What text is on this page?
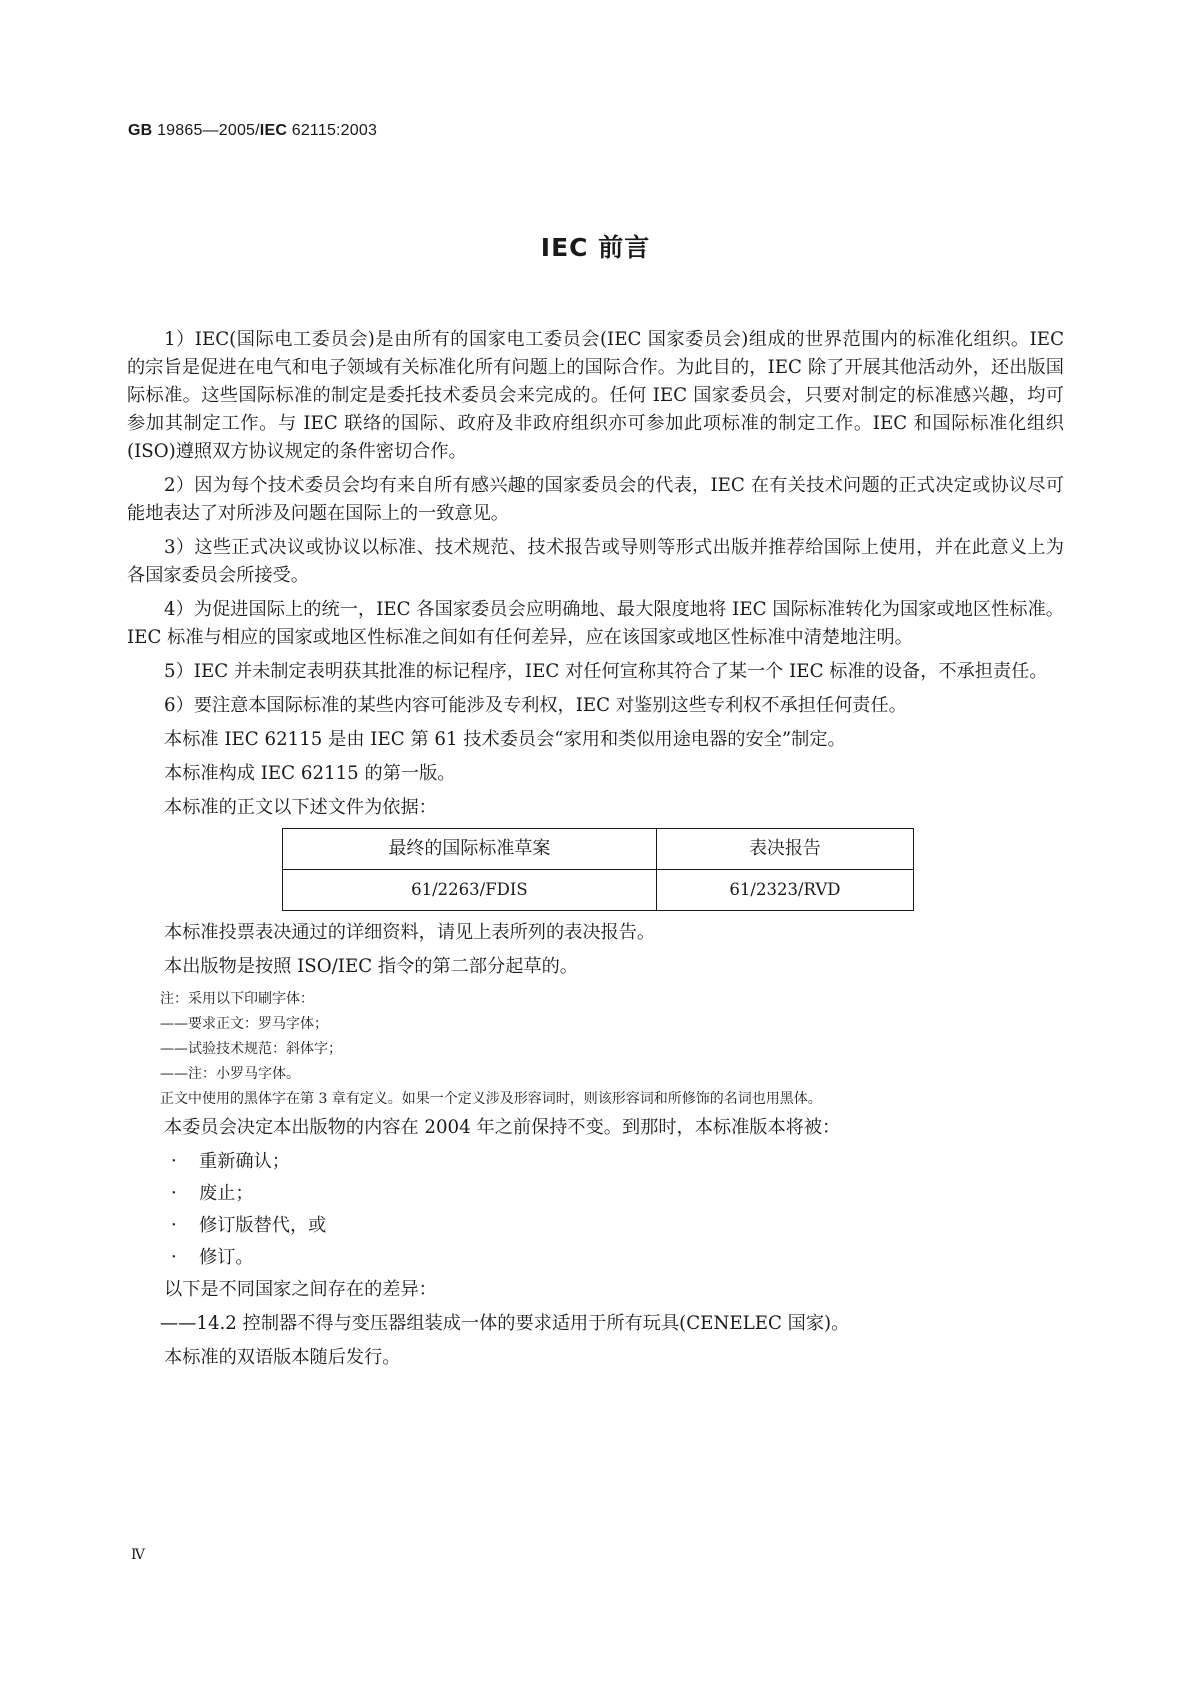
GB 19865—2005/IEC 62115:2003
IEC 前言

1）IEC(国际电工委员会)是由所有的国家电工委员会(IEC 国家委员会)组成的世界范围内的标准化组织。IEC 的宗旨是促进在电气和电子领域有关标准化所有问题上的国际合作。为此目的，IEC 除了开展其他活动外，还出版国际标准。这些国际标准的制定是委托技术委员会来完成的。任何 IEC 国家委员会，只要对制定的标准感兴趣，均可参加其制定工作。与 IEC 联络的国际、政府及非政府组织亦可参加此项标准的制定工作。IEC 和国际标准化组织(ISO)遵照双方协议规定的条件密切合作。

2）因为每个技术委员会均有来自所有感兴趣的国家委员会的代表，IEC 在有关技术问题的正式决定或协议尽可能地表达了对所涉及问题在国际上的一致意见。

3）这些正式决议或协议以标准、技术规范、技术报告或导则等形式出版并推荐给国际上使用，并在此意义上为各国家委员会所接受。

4）为促进国际上的统一，IEC 各国家委员会应明确地、最大限度地将 IEC 国际标准转化为国家或地区性标准。IEC 标准与相应的国家或地区性标准之间如有任何差异，应在该国家或地区性标准中清楚地注明。

5）IEC 并未制定表明获其批准的标记程序，IEC 对任何宣称其符合了某一个 IEC 标准的设备，不承担责任。

6）要注意本国际标准的某些内容可能涉及专利权，IEC 对鉴别这些专利权不承担任何责任。

本标准 IEC 62115 是由 IEC 第 61 技术委员会“家用和类似用途电器的安全”制定。

本标准构成 IEC 62115 的第一版。

本标准的正文以下述文件为依据：

最终的国际标准草案	表决报告
61/2263/FDIS	61/2323/RVD

本标准投票表决通过的详细资料，请见上表所列的表决报告。

本出版物是按照 ISO/IEC 指令的第二部分起草的。

注：采用以下印刷字体：

——要求正文：罗马字体；

——试验技术规范：斜体字；

——注：小罗马字体。

正文中使用的黑体字在第 3 章有定义。如果一个定义涉及形容词时，则该形容词和所修饰的名词也用黑体。

本委员会决定本出版物的内容在 2004 年之前保持不变。到那时，本标准版本将被：

· 重新确认；
· 废止；
· 修订版替代，或
· 修订。

以下是不同国家之间存在的差异：

——14.2 控制器不得与变压器组装成一体的要求适用于所有玩具(CENELEC 国家)。

本标准的双语版本随后发行。

Ⅳ
